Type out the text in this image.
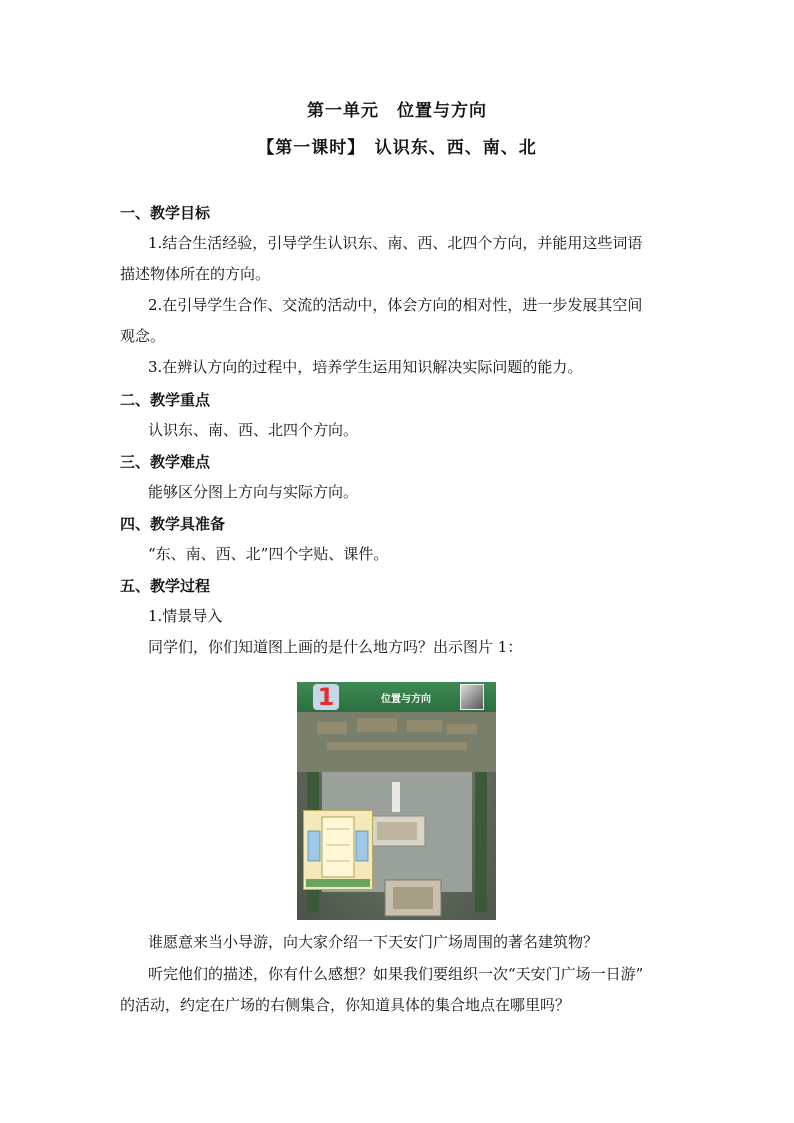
第一单元　位置与方向
【第一课时】　认识东、西、南、北
一、教学目标
1.结合生活经验，引导学生认识东、南、西、北四个方向，并能用这些词语
描述物体所在的方向。
2.在引导学生合作、交流的活动中，体会方向的相对性，进一步发展其空间
观念。
3.在辨认方向的过程中，培养学生运用知识解决实际问题的能力。
二、教学重点
认识东、南、西、北四个方向。
三、教学难点
能够区分图上方向与实际方向。
四、教学具准备
“东、南、西、北”四个字贴、课件。
五、教学过程
1.情景导入
同学们，你们知道图上画的是什么地方吗？出示图片 1：
1	位置与方向
谁愿意来当小导游，向大家介绍一下天安门广场周围的著名建筑物？
听完他们的描述，你有什么感想？如果我们要组织一次“天安门广场一日游”
的活动，约定在广场的右侧集合，你知道具体的集合地点在哪里吗？
